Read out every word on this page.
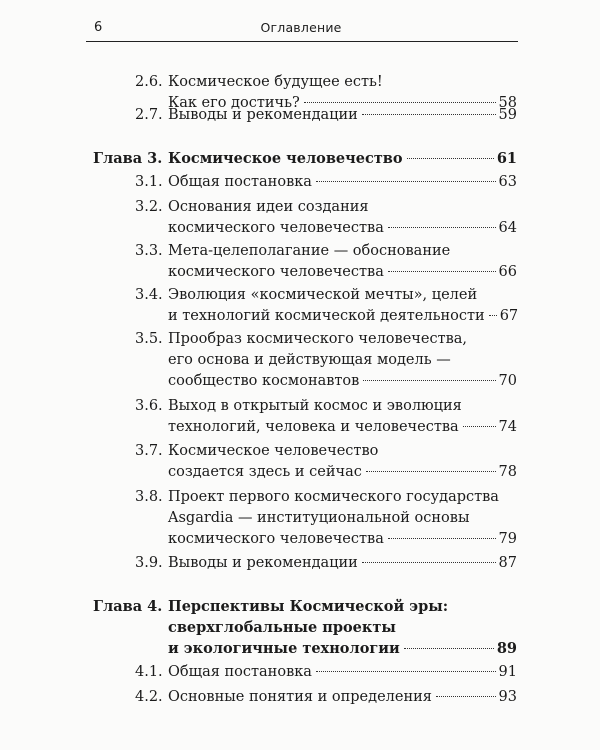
6	Оглавление
2.6. Космическое будущее есть!
Как его достичь?	58
2.7. Выводы и рекомендации	59
Глава 3. Космическое человечество	61
3.1. Общая постановка	63
3.2. Основания идеи создания
космического человечества	64
3.3. Мета-целеполагание — обоснование
космического человечества	66
3.4. Эволюция «космической мечты», целей
и технологий космической деятельности 67
3.5. Прообраз космического человечества,
его основа и действующая модель —
сообщество космонавтов	70
3.6. Выход в открытый космос и эволюция
технологий, человека и человечества	74
3.7. Космическое человечество
создается здесь и сейчас	78
3.8. Проект первого космического государства
Asgardia — институциональной основы
космического человечества	79
3.9. Выводы и рекомендации	87
Глава 4. Перспективы Космической эры:
сверхглобальные проекты
и экологичные технологии	89
4.1. Общая постановка	91
4.2. Основные понятия и определения	93
